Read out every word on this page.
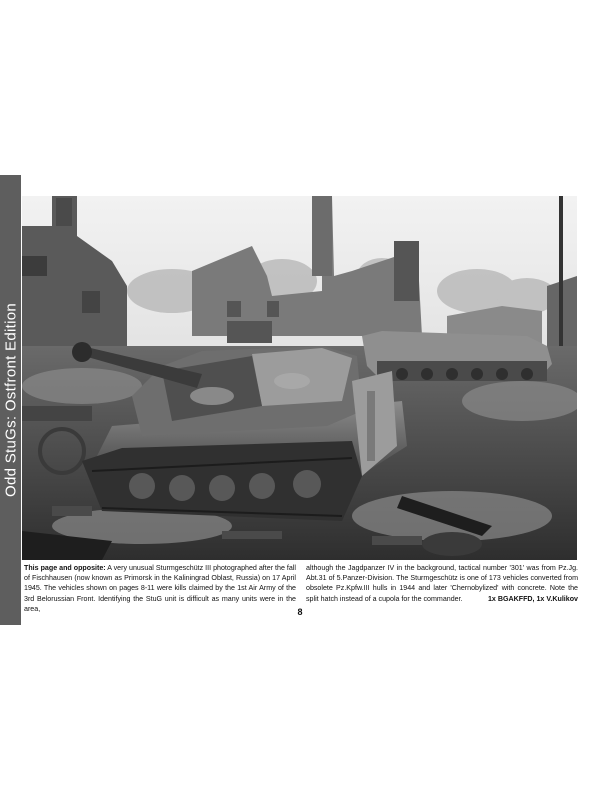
Odd StuGs: Ostfront Edition
This page and opposite: A very unusual Sturmgeschütz III photographed after the fall of Fischhausen (now known as Primorsk in the Kaliningrad Oblast, Russia) on 17 April 1945. The vehicles shown on pages 8-11 were kills claimed by the 1st Air Army of the 3rd Belorussian Front. Identifying the StuG unit is difficult as many units were in the area,
although the Jagdpanzer IV in the background, tactical number '301' was from Pz.Jg. Abt.31 of 5.Panzer-Division. The Sturmgeschütz is one of 173 vehicles converted from obsolete Pz.Kpfw.III hulls in 1944 and later 'Chernobylized' with concrete. Note the split hatch instead of a cupola for the commander.	1x BGAKFFD, 1x V.Kulikov
8
